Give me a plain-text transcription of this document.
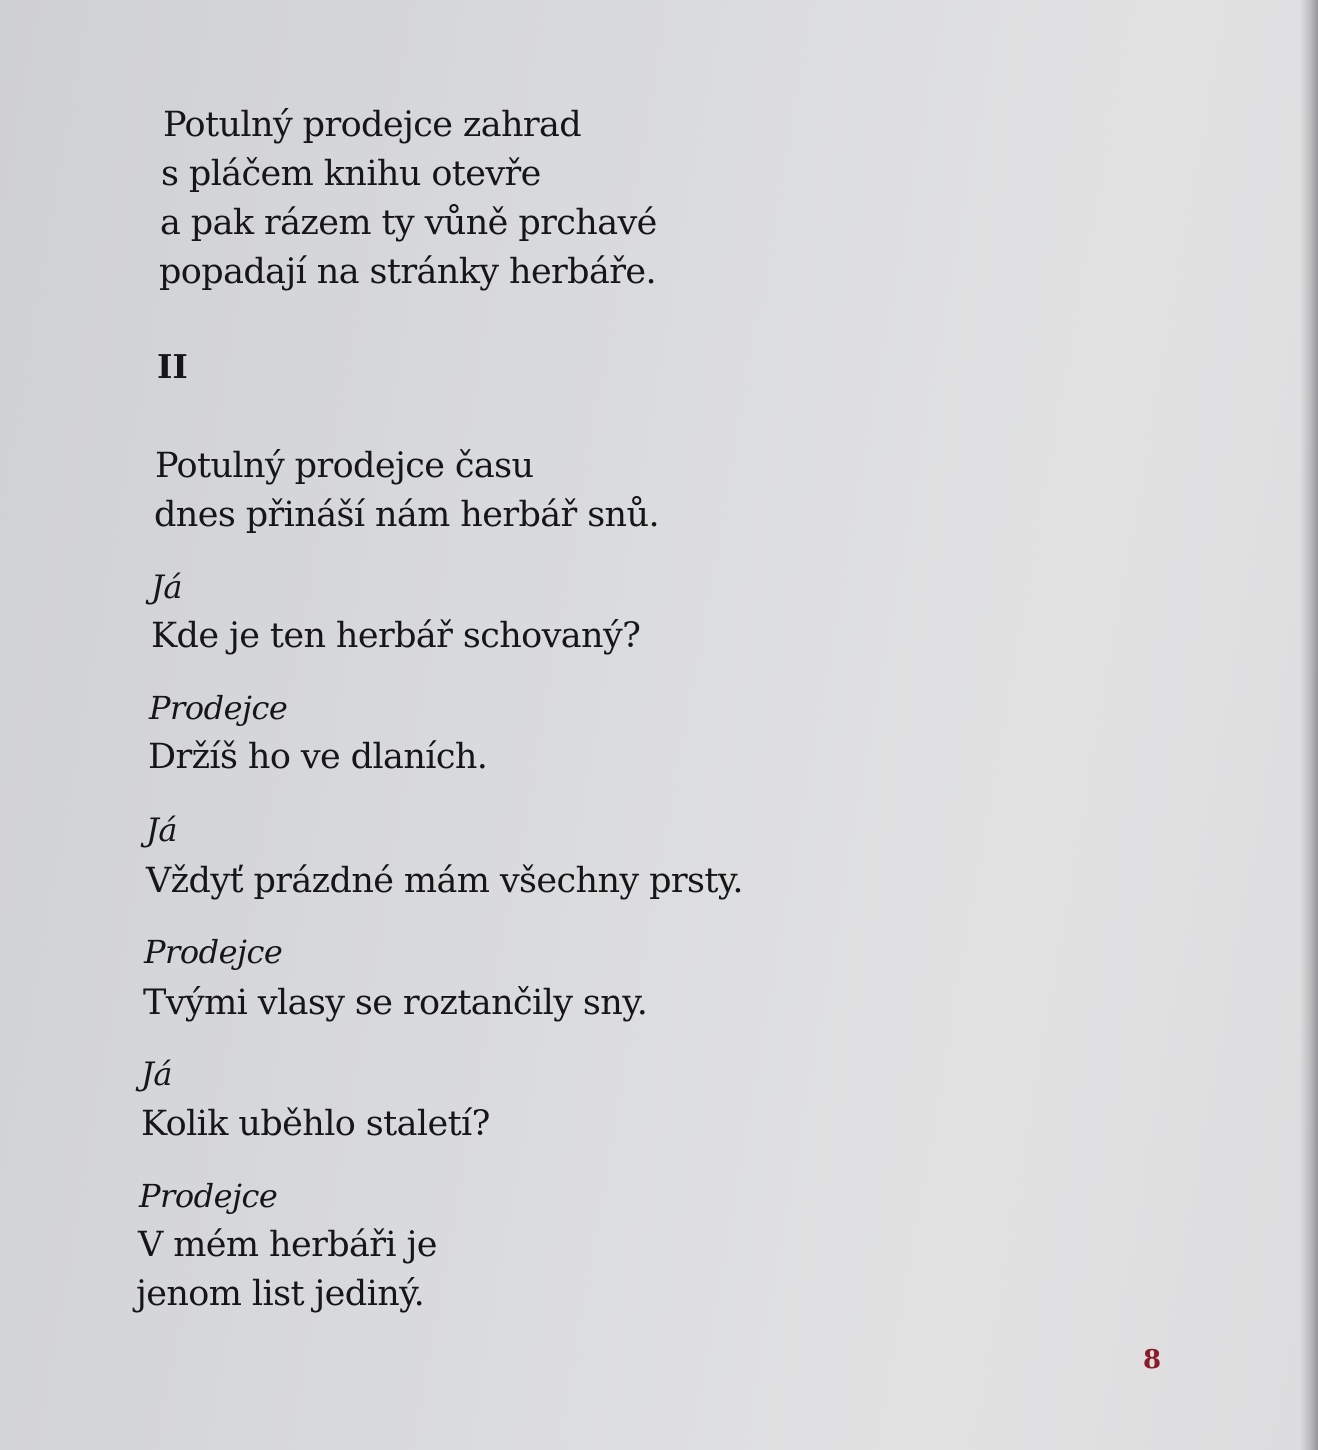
Potulný prodejce zahrad
s pláčem knihu otevře
a pak rázem ty vůně prchavé
popadají na stránky herbáře.
II
Potulný prodejce času
dnes přináší nám herbář snů.
Já
Kde je ten herbář schovaný?
Prodejce
Držíš ho ve dlaních.
Já
Vždyť prázdné mám všechny prsty.
Prodejce
Tvými vlasy se roztančily sny.
Já
Kolik uběhlo staletí?
Prodejce
V mém herbáři je
jenom list jediný.
8
